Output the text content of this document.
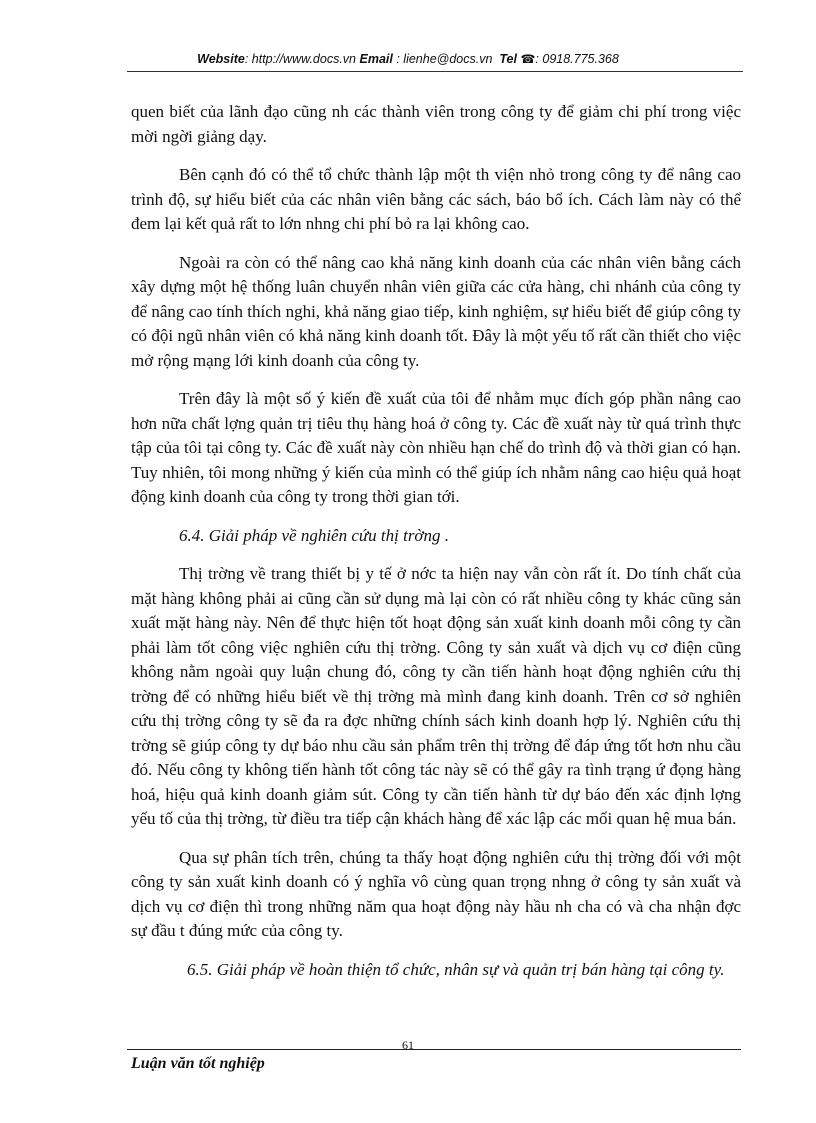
Website: http://www.docs.vn Email : lienhe@docs.vn Tel ☎: 0918.775.368

quen biết của lãnh đạo cũng nh các thành viên trong công ty để giảm chi phí trong việc mời ngời giảng dạy.

Bên cạnh đó có thể tổ chức thành lập một th viện nhỏ trong công ty để nâng cao trình độ, sự hiểu biết của các nhân viên bằng các sách, báo bổ ích. Cách làm này có thể đem lại kết quả rất to lớn nhng chi phí bỏ ra lại không cao.

Ngoài ra còn có thể nâng cao khả năng kinh doanh của các nhân viên bằng cách xây dựng một hệ thống luân chuyển nhân viên giữa các cửa hàng, chi nhánh của công ty để nâng cao tính thích nghi, khả năng giao tiếp, kinh nghiệm, sự hiểu biết để giúp công ty có đội ngũ nhân viên có khả năng kinh doanh tốt. Đây là một yếu tố rất cần thiết cho việc mở rộng mạng lới kinh doanh của công ty.

Trên đây là một số ý kiến đề xuất của tôi để nhằm mục đích góp phần nâng cao hơn nữa chất lợng quản trị tiêu thụ hàng hoá ở công ty. Các đề xuất này từ quá trình thực tập của tôi tại công ty. Các đề xuất này còn nhiều hạn chế do trình độ và thời gian có hạn. Tuy nhiên, tôi mong những ý kiến của mình có thể giúp ích nhằm nâng cao hiệu quả hoạt động kinh doanh của công ty trong thời gian tới.

6.4. Giải pháp về nghiên cứu thị trờng .

Thị trờng về trang thiết bị y tế ở nớc ta hiện nay vẫn còn rất ít. Do tính chất của mặt hàng không phải ai cũng cần sử dụng mà lại còn có rất nhiều công ty khác cũng sản xuất mặt hàng này. Nên để thực hiện tốt hoạt động sản xuất kinh doanh mỗi công ty cần phải làm tốt công việc nghiên cứu thị trờng. Công ty sản xuất và dịch vụ cơ điện cũng không nằm ngoài quy luận chung đó, công ty cần tiến hành hoạt động nghiên cứu thị trờng để có những hiểu biết về thị trờng mà mình đang kinh doanh. Trên cơ sở nghiên cứu thị trờng công ty sẽ đa ra đợc những chính sách kinh doanh hợp lý. Nghiên cứu thị trờng sẽ giúp công ty dự báo nhu cầu sản phẩm trên thị trờng để đáp ứng tốt hơn nhu cầu đó. Nếu công ty không tiến hành tốt công tác này sẽ có thể gây ra tình trạng ứ đọng hàng hoá, hiệu quả kinh doanh giảm sút. Công ty cần tiến hành từ dự báo đến xác định lợng yếu tố của thị trờng, từ điều tra tiếp cận khách hàng để xác lập các mối quan hệ mua bán.

Qua sự phân tích trên, chúng ta thấy hoạt động nghiên cứu thị trờng đối với một công ty sản xuất kinh doanh có ý nghĩa vô cùng quan trọng nhng ở công ty sản xuất và dịch vụ cơ điện thì trong những năm qua hoạt động này hầu nh cha có và cha nhận đợc sự đầu t đúng mức của công ty.

6.5. Giải pháp về hoàn thiện tổ chức, nhân sự và quản trị bán hàng tại công ty.

61
Luận văn tốt nghiệp
